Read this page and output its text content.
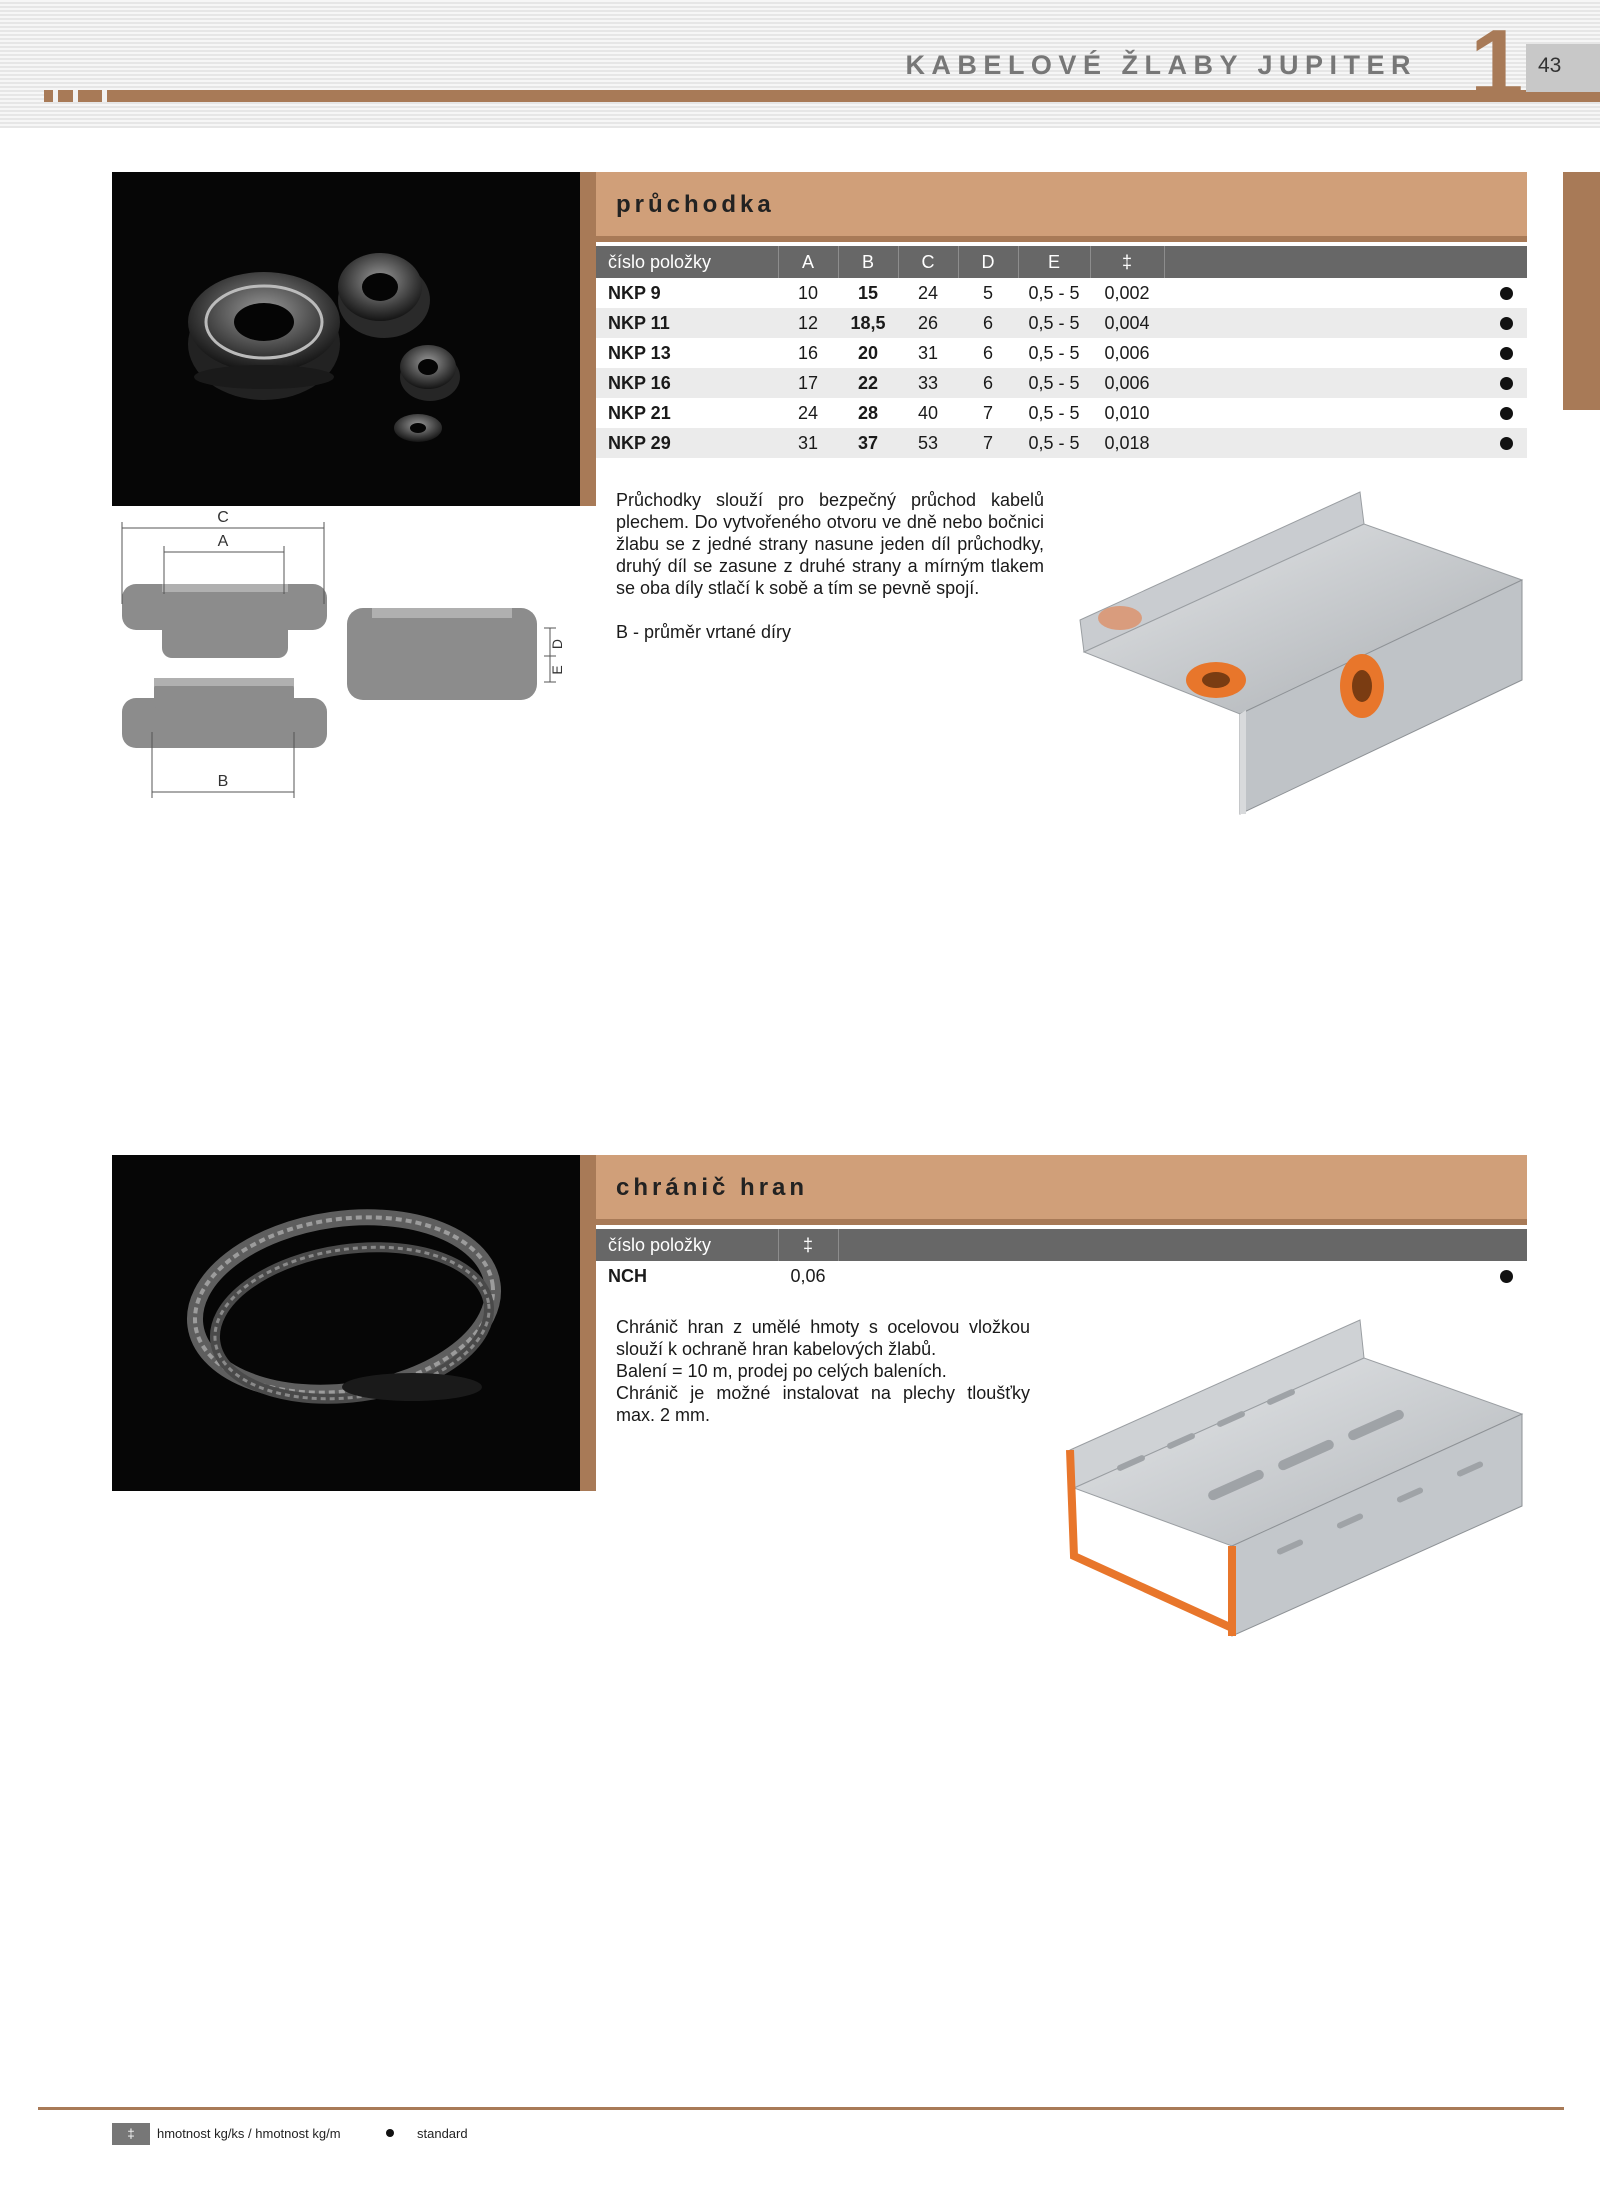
KABELOVÉ ŽLABY JUPITER 1 43
průchodka
číslo položky	A	B	C	D	E	‡	
NKP 9	10	15	24	5	0,5 - 5	0,002	
NKP 11	12	18,5	26	6	0,5 - 5	0,004	
NKP 13	16	20	31	6	0,5 - 5	0,006	
NKP 16	17	22	33	6	0,5 - 5	0,006	
NKP 21	24	28	40	7	0,5 - 5	0,010	
NKP 29	31	37	53	7	0,5 - 5	0,018	
C
A
B
D
E

Průchodky slouží pro bezpečný průchod kabelů plechem. Do vytvořeného otvoru ve dně nebo bočnici žlabu se z jedné strany nasune jeden díl průchodky, druhý díl se zasune z druhé strany a mírným tlakem se oba díly stlačí k sobě a tím se pevně spojí.

B - průměr vrtané díry

chránič hran
číslo položky	‡	
NCH	0,06	

Chránič hran z umělé hmoty s ocelovou vložkou slouží k ochraně hran kabelových žlabů.

Balení = 10 m, prodej po celých baleních.

Chránič je možné instalovat na plechy tloušťky max. 2 mm.

‡	hmotnost kg/ks / hmotnost kg/m	standard
